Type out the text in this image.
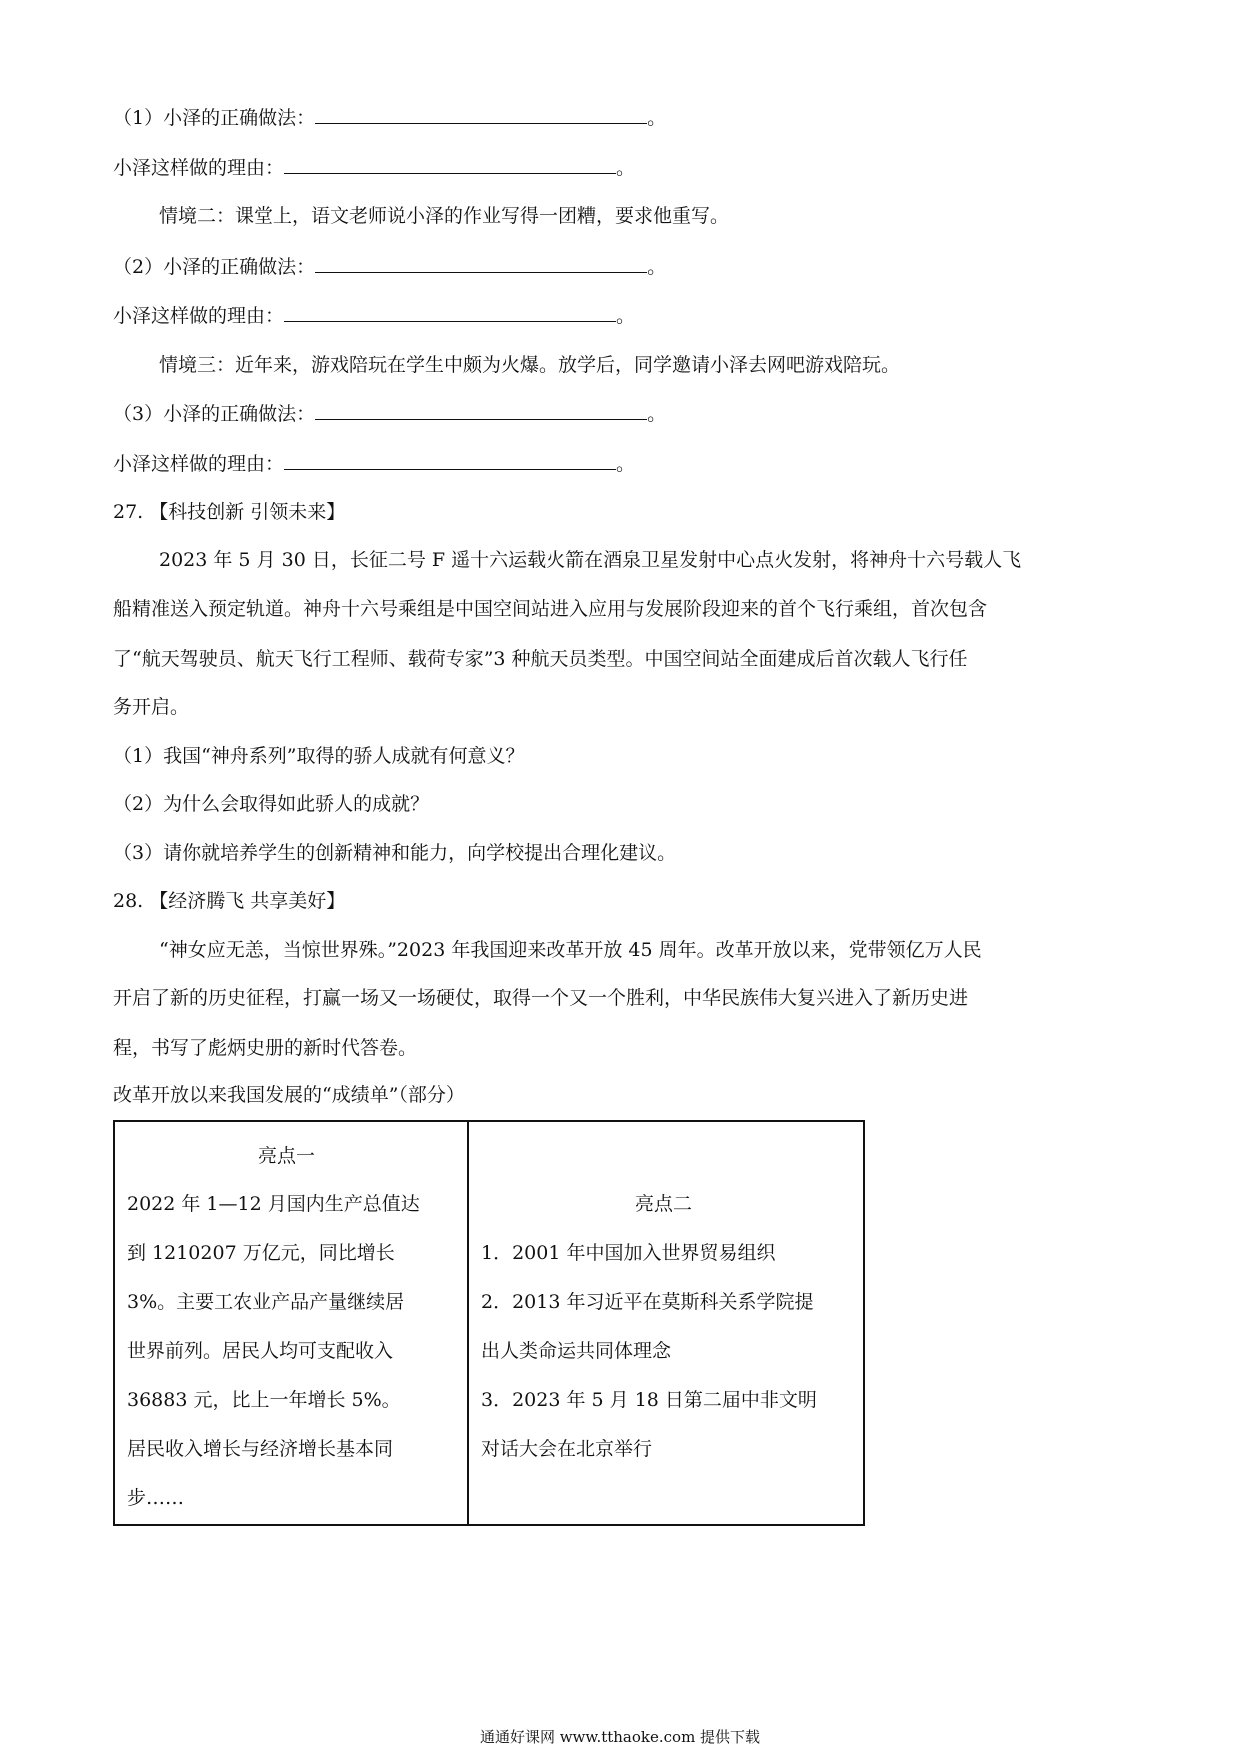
（1）小泽的正确做法：	。
小泽这样做的理由：	。
情境二：课堂上，语文老师说小泽的作业写得一团糟，要求他重写。
（2）小泽的正确做法：	。
小泽这样做的理由：	。
情境三：近年来，游戏陪玩在学生中颇为火爆。放学后，同学邀请小泽去网吧游戏陪玩。
（3）小泽的正确做法：	。
小泽这样做的理由：	。
27. 【科技创新 引领未来】
2023 年 5 月 30 日，长征二号 F 遥十六运载火箭在酒泉卫星发射中心点火发射，将神舟十六号载人飞
船精准送入预定轨道。神舟十六号乘组是中国空间站进入应用与发展阶段迎来的首个飞行乘组，首次包含
了“航天驾驶员、航天飞行工程师、载荷专家”3 种航天员类型。中国空间站全面建成后首次载人飞行任
务开启。
（1）我国“神舟系列”取得的骄人成就有何意义？
（2）为什么会取得如此骄人的成就？
（3）请你就培养学生的创新精神和能力，向学校提出合理化建议。
28. 【经济腾飞 共享美好】
“神女应无恙，当惊世界殊。”2023 年我国迎来改革开放 45 周年。改革开放以来，党带领亿万人民
开启了新的历史征程，打赢一场又一场硬仗，取得一个又一个胜利，中华民族伟大复兴进入了新历史进
程，书写了彪炳史册的新时代答卷。
改革开放以来我国发展的“成绩单”（部分）
亮点一
2022 年 1—12 月国内生产总值达
到 1210207 万亿元，同比增长
3%。主要工农业产品产量继续居
世界前列。居民人均可支配收入
36883 元，比上一年增长 5%。
居民收入增长与经济增长基本同
步……
亮点二
1．2001 年中国加入世界贸易组织
2．2013 年习近平在莫斯科关系学院提
出人类命运共同体理念
3．2023 年 5 月 18 日第二届中非文明
对话大会在北京举行
通通好课网 www.tthaoke.com 提供下载
